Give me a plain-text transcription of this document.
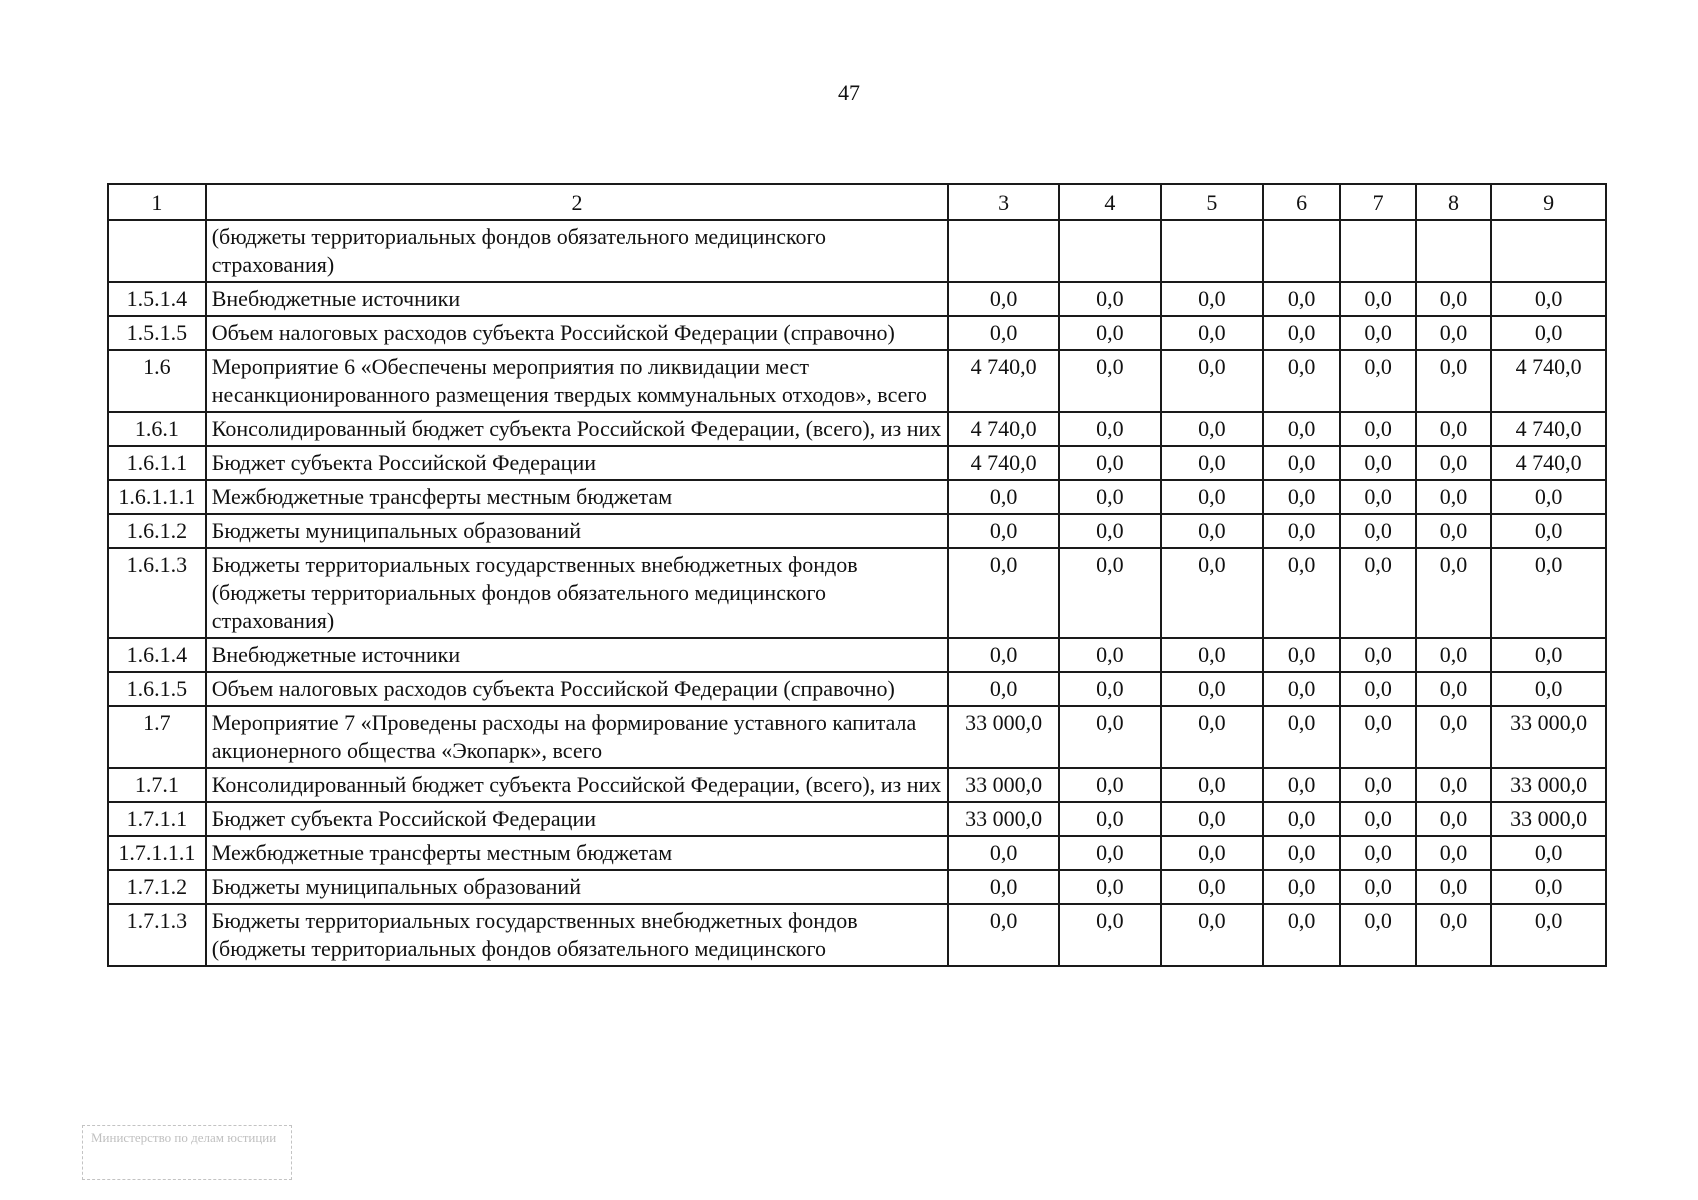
47
1	2	3	4	5	6	7	8	9
	(бюджеты территориальных фондов обязательного медицинского страхования)							
1.5.1.4	Внебюджетные источники	0,0	0,0	0,0	0,0	0,0	0,0	0,0
1.5.1.5	Объем налоговых расходов субъекта Российской Федерации (справочно)	0,0	0,0	0,0	0,0	0,0	0,0	0,0
1.6	Мероприятие 6 «Обеспечены мероприятия по ликвидации мест несанкционированного размещения твердых коммунальных отходов», всего	4 740,0	0,0	0,0	0,0	0,0	0,0	4 740,0
1.6.1	Консолидированный бюджет субъекта Российской Федерации, (всего), из них	4 740,0	0,0	0,0	0,0	0,0	0,0	4 740,0
1.6.1.1	Бюджет субъекта Российской Федерации	4 740,0	0,0	0,0	0,0	0,0	0,0	4 740,0
1.6.1.1.1	Межбюджетные трансферты местным бюджетам	0,0	0,0	0,0	0,0	0,0	0,0	0,0
1.6.1.2	Бюджеты муниципальных образований	0,0	0,0	0,0	0,0	0,0	0,0	0,0
1.6.1.3	Бюджеты территориальных государственных внебюджетных фондов (бюджеты территориальных фондов обязательного медицинского страхования)	0,0	0,0	0,0	0,0	0,0	0,0	0,0
1.6.1.4	Внебюджетные источники	0,0	0,0	0,0	0,0	0,0	0,0	0,0
1.6.1.5	Объем налоговых расходов субъекта Российской Федерации (справочно)	0,0	0,0	0,0	0,0	0,0	0,0	0,0
1.7	Мероприятие 7 «Проведены расходы на формирование уставного капитала акционерного общества «Экопарк», всего	33 000,0	0,0	0,0	0,0	0,0	0,0	33 000,0
1.7.1	Консолидированный бюджет субъекта Российской Федерации, (всего), из них	33 000,0	0,0	0,0	0,0	0,0	0,0	33 000,0
1.7.1.1	Бюджет субъекта Российской Федерации	33 000,0	0,0	0,0	0,0	0,0	0,0	33 000,0
1.7.1.1.1	Межбюджетные трансферты местным бюджетам	0,0	0,0	0,0	0,0	0,0	0,0	0,0
1.7.1.2	Бюджеты муниципальных образований	0,0	0,0	0,0	0,0	0,0	0,0	0,0
1.7.1.3	Бюджеты территориальных государственных внебюджетных фондов (бюджеты территориальных фондов обязательного медицинского	0,0	0,0	0,0	0,0	0,0	0,0	0,0
Министерство по делам юстиции
